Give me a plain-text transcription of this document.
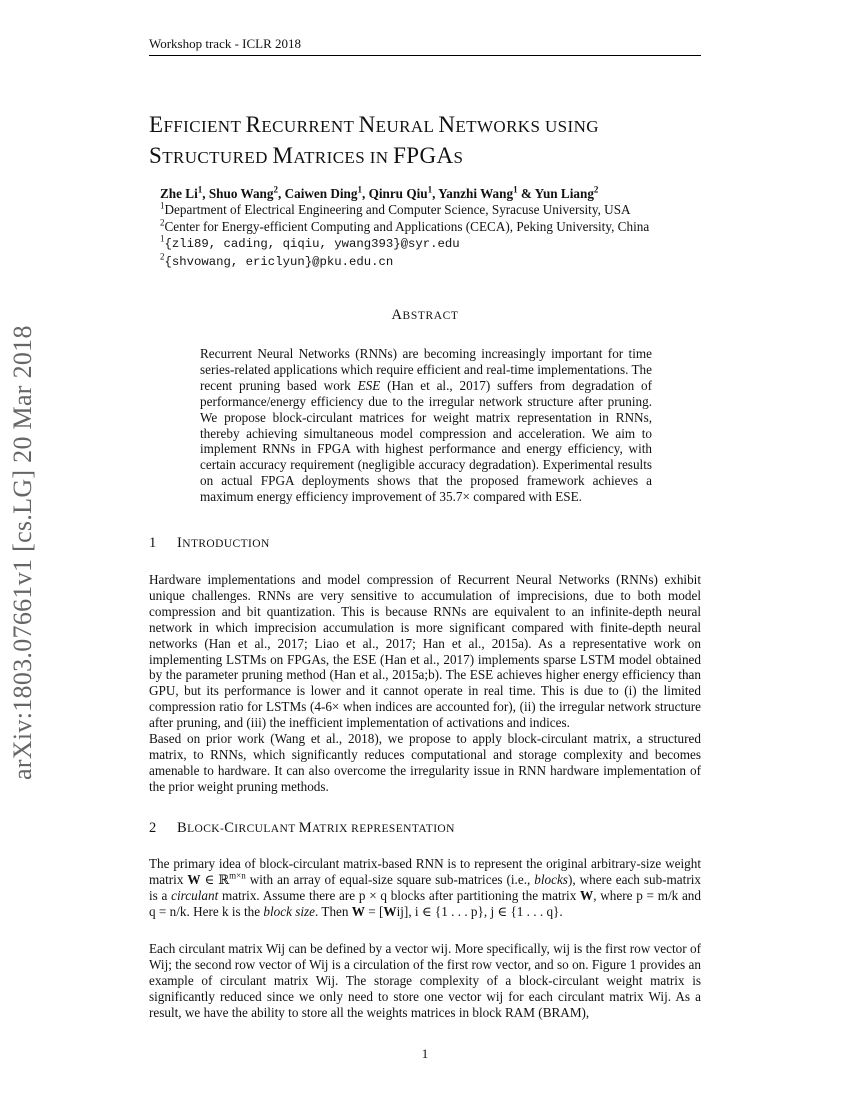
Workshop track - ICLR 2018
arXiv:1803.07661v1 [cs.LG] 20 Mar 2018
EFFICIENT RECURRENT NEURAL NETWORKS USING
STRUCTURED MATRICES IN FPGAS
Zhe Li$^1$, Shuo Wang$^2$, Caiwen Ding$^1$, Qinru Qiu$^1$, Yanzhi Wang$^1$ & Yun Liang$^2$
$^1$Department of Electrical Engineering and Computer Science, Syracuse University, USA
$^2$Center for Energy-efficient Computing and Applications (CECA), Peking University, China
$^1${zli89, cading, qiqiu, ywang393}@syr.edu
$^2${shvowang, ericlyun}@pku.edu.cn
ABSTRACT

Recurrent Neural Networks (RNNs) are becoming increasingly important for time series-related applications which require efficient and real-time implementations. The recent pruning based work ESE (Han et al., 2017) suffers from degradation of performance/energy efficiency due to the irregular network structure after pruning. We propose block-circulant matrices for weight matrix representation in RNNs, thereby achieving simultaneous model compression and acceleration. We aim to implement RNNs in FPGA with highest performance and energy efficiency, with certain accuracy requirement (negligible accuracy degradation). Experimental results on actual FPGA deployments shows that the proposed framework achieves a maximum energy efficiency improvement of 35.7× compared with ESE.

1 INTRODUCTION

Hardware implementations and model compression of Recurrent Neural Networks (RNNs) exhibit unique challenges. RNNs are very sensitive to accumulation of imprecisions, due to both model compression and bit quantization. This is because RNNs are equivalent to an infinite-depth neural network in which imprecision accumulation is more significant compared with finite-depth neural networks (Han et al., 2017; Liao et al., 2017; Han et al., 2015a). As a representative work on implementing LSTMs on FPGAs, the ESE (Han et al., 2017) implements sparse LSTM model obtained by the parameter pruning method (Han et al., 2015a;b). The ESE achieves higher energy efficiency than GPU, but its performance is lower and it cannot operate in real time. This is due to (i) the limited compression ratio for LSTMs (4-6× when indices are accounted for), (ii) the irregular network structure after pruning, and (iii) the inefficient implementation of activations and indices.

Based on prior work (Wang et al., 2018), we propose to apply block-circulant matrix, a structured matrix, to RNNs, which significantly reduces computational and storage complexity and becomes amenable to hardware. It can also overcome the irregularity issue in RNN hardware implementation of the prior weight pruning methods.

2 BLOCK-CIRCULANT MATRIX REPRESENTATION

The primary idea of block-circulant matrix-based RNN is to represent the original arbitrary-size weight matrix W ∈ ℝ$^{m\times n}$ with an array of equal-size square sub-matrices (i.e., blocks), where each sub-matrix is a circulant matrix. Assume there are p × q blocks after partitioning the matrix W, where p = m/k and q = n/k. Here k is the block size. Then W = [Wij], i ∈ {1 . . . p}, j ∈ {1 . . . q}.

Each circulant matrix Wij can be defined by a vector wij. More specifically, wij is the first row vector of Wij; the second row vector of Wij is a circulation of the first row vector, and so on. Figure 1 provides an example of circulant matrix Wij. The storage complexity of a block-circulant weight matrix is significantly reduced since we only need to store one vector wij for each circulant matrix Wij. As a result, we have the ability to store all the weights matrices in block RAM (BRAM),

1
